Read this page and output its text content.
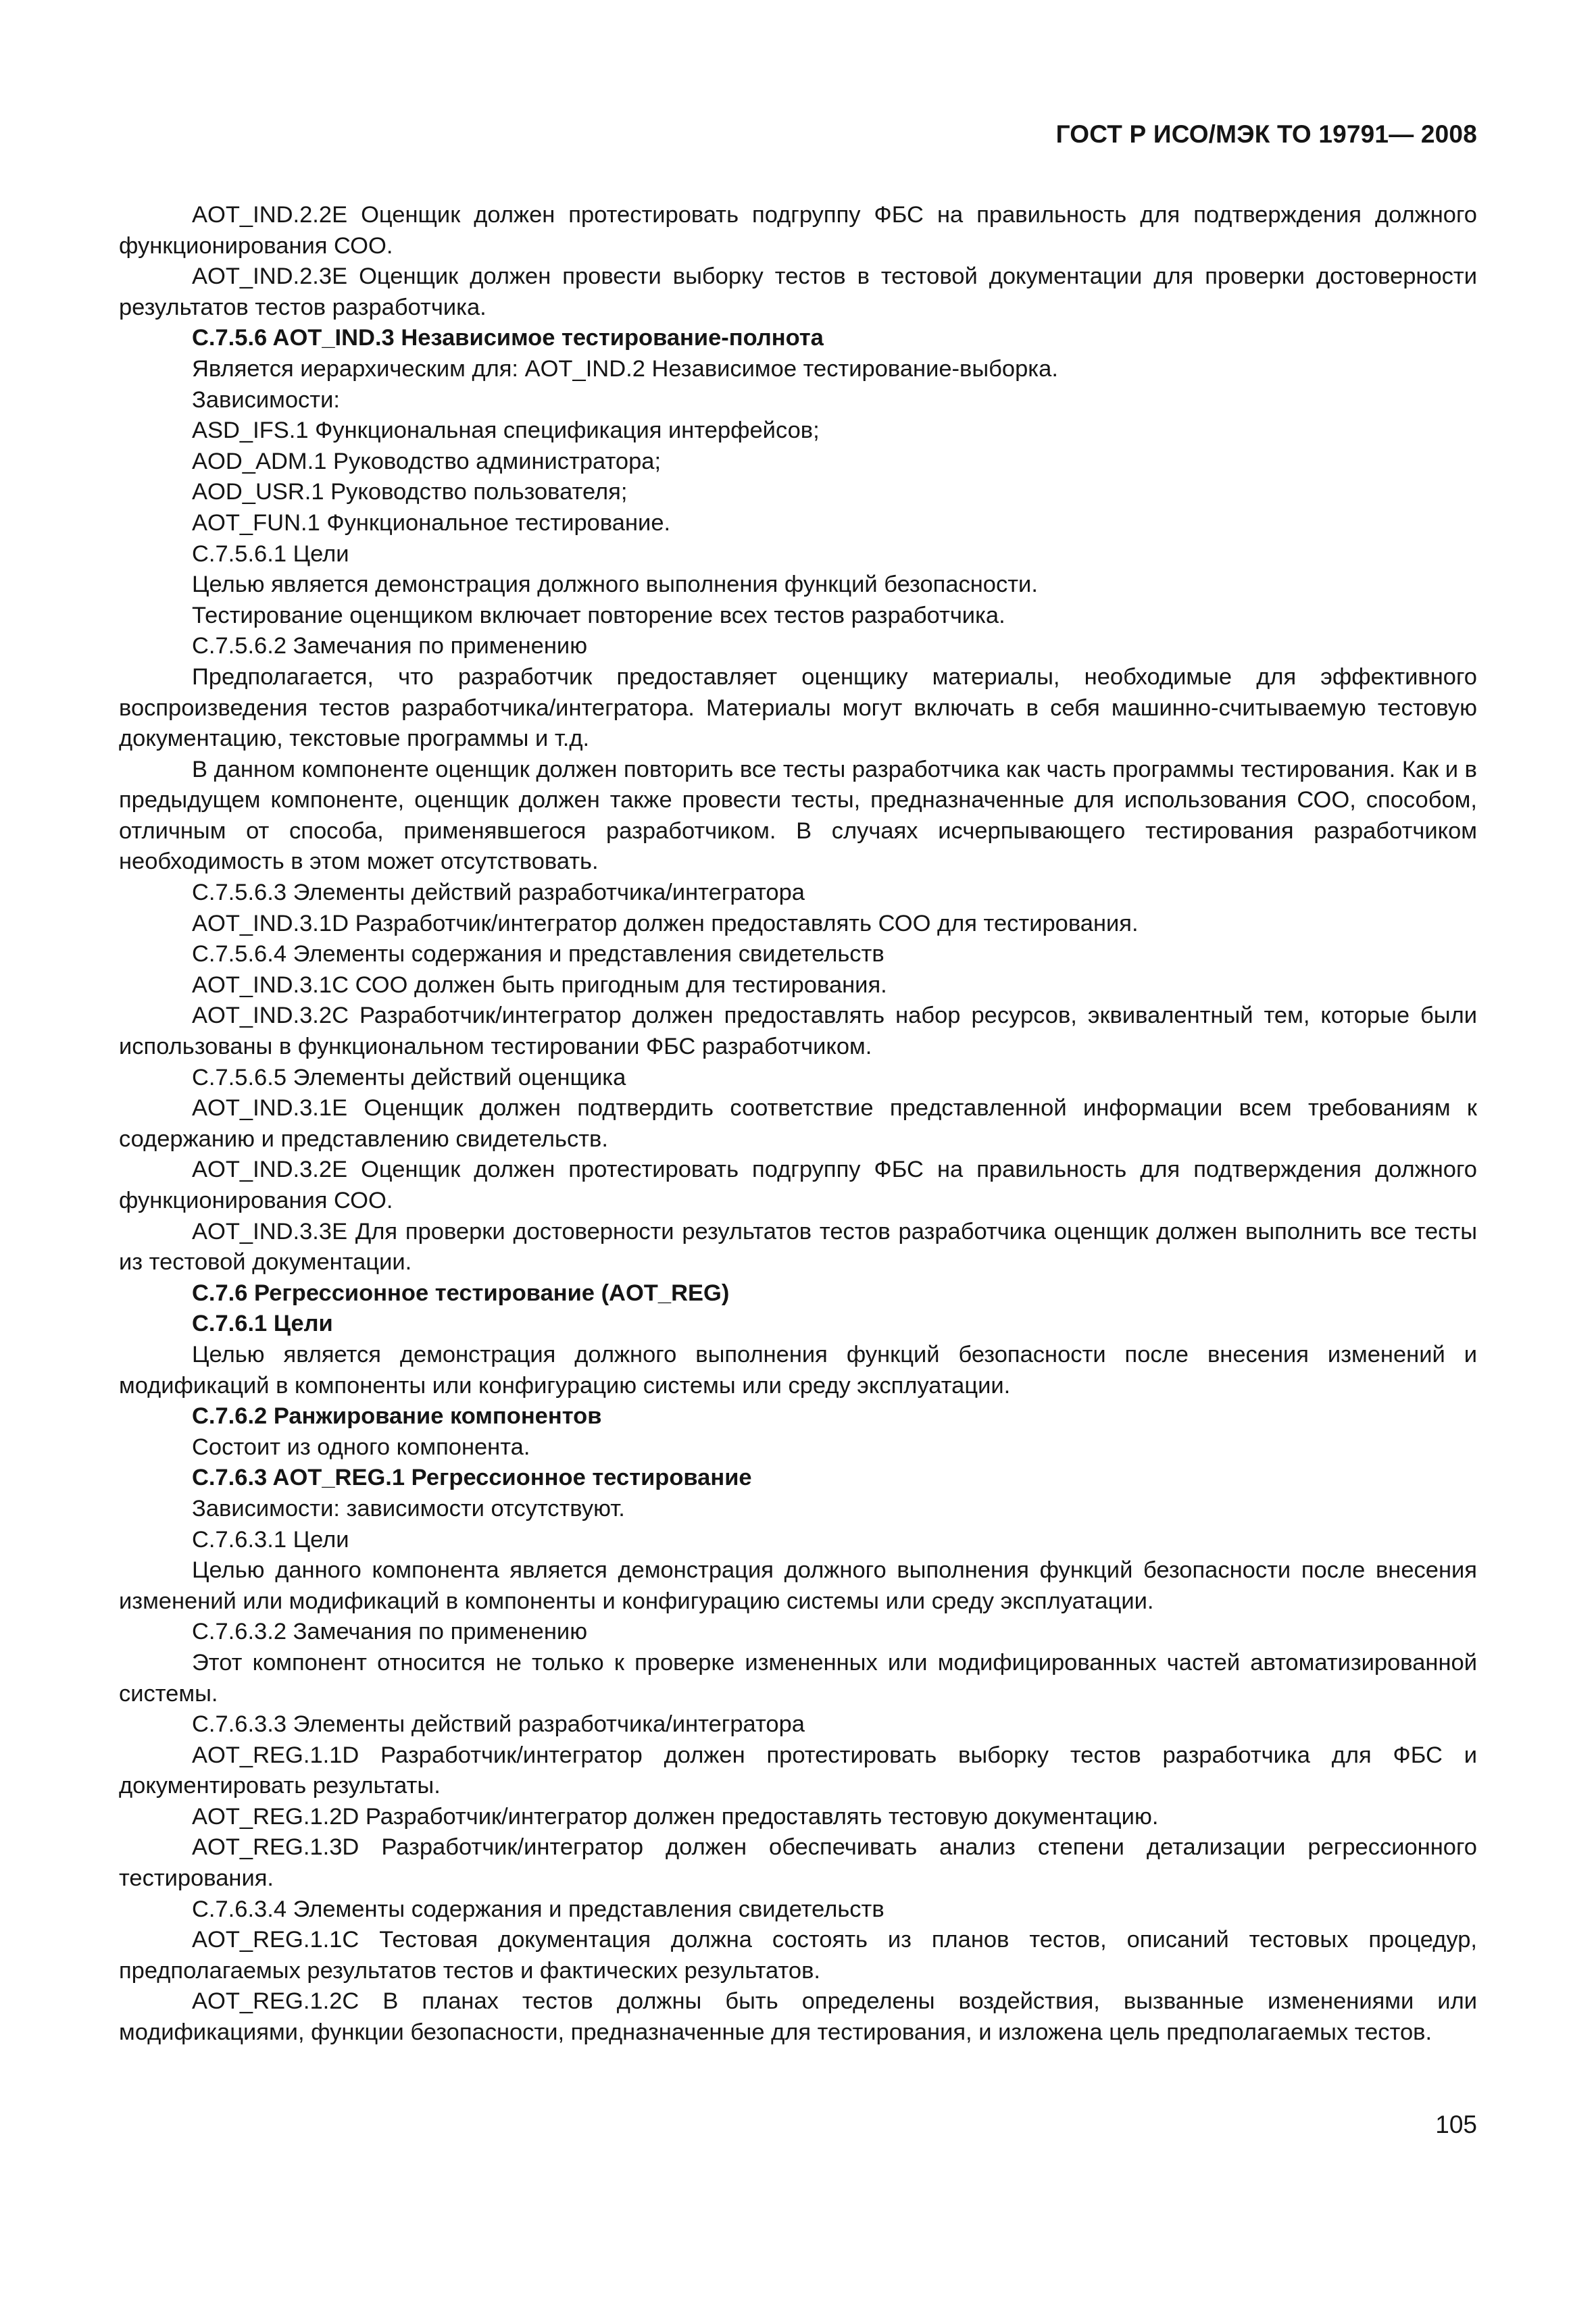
ГОСТ Р ИСО/МЭК ТО 19791— 2008

AOT_IND.2.2E Оценщик должен протестировать подгруппу ФБС на правильность для подтверждения должного функционирования СОО.

AOT_IND.2.3E Оценщик должен провести выборку тестов в тестовой документации для проверки достоверности результатов тестов разработчика.

C.7.5.6 AOT_IND.3 Независимое тестирование-полнота

Является иерархическим для: AOT_IND.2 Независимое тестирование-выборка.

Зависимости:

ASD_IFS.1 Функциональная спецификация интерфейсов;

AOD_ADM.1 Руководство администратора;

AOD_USR.1 Руководство пользователя;

AOT_FUN.1 Функциональное тестирование.

C.7.5.6.1 Цели

Целью является демонстрация должного выполнения функций безопасности.

Тестирование оценщиком включает повторение всех тестов разработчика.

C.7.5.6.2 Замечания по применению

Предполагается, что разработчик предоставляет оценщику материалы, необходимые для эффективного воспроизведения тестов разработчика/интегратора. Материалы могут включать в себя машинно-считываемую тестовую документацию, текстовые программы и т.д.

В данном компоненте оценщик должен повторить все тесты разработчика как часть программы тестирования. Как и в предыдущем компоненте, оценщик должен также провести тесты, предназначенные для использования СОО, способом, отличным от способа, применявшегося разработчиком. В случаях исчерпывающего тестирования разработчиком необходимость в этом может отсутствовать.

C.7.5.6.3 Элементы действий разработчика/интегратора

AOT_IND.3.1D Разработчик/интегратор должен предоставлять СОО для тестирования.

C.7.5.6.4 Элементы содержания и представления свидетельств

AOT_IND.3.1C СОО должен быть пригодным для тестирования.

AOT_IND.3.2C Разработчик/интегратор должен предоставлять набор ресурсов, эквивалентный тем, которые были использованы в функциональном тестировании ФБС разработчиком.

C.7.5.6.5 Элементы действий оценщика

AOT_IND.3.1E Оценщик должен подтвердить соответствие представленной информации всем требованиям к содержанию и представлению свидетельств.

AOT_IND.3.2E Оценщик должен протестировать подгруппу ФБС на правильность для подтверждения должного функционирования СОО.

AOT_IND.3.3E Для проверки достоверности результатов тестов разработчика оценщик должен выполнить все тесты из тестовой документации.

C.7.6 Регрессионное тестирование (AOT_REG)

C.7.6.1 Цели

Целью является демонстрация должного выполнения функций безопасности после внесения изменений и модификаций в компоненты или конфигурацию системы или среду эксплуатации.

C.7.6.2 Ранжирование компонентов

Состоит из одного компонента.

C.7.6.3 AOT_REG.1 Регрессионное тестирование

Зависимости: зависимости отсутствуют.

C.7.6.3.1 Цели

Целью данного компонента является демонстрация должного выполнения функций безопасности после внесения изменений или модификаций в компоненты и конфигурацию системы или среду эксплуатации.

C.7.6.3.2 Замечания по применению

Этот компонент относится не только к проверке измененных или модифицированных частей автоматизированной системы.

C.7.6.3.3 Элементы действий разработчика/интегратора

AOT_REG.1.1D Разработчик/интегратор должен протестировать выборку тестов разработчика для ФБС и документировать результаты.

AOT_REG.1.2D Разработчик/интегратор должен предоставлять тестовую документацию.

AOT_REG.1.3D Разработчик/интегратор должен обеспечивать анализ степени детализации регрессионного тестирования.

C.7.6.3.4 Элементы содержания и представления свидетельств

AOT_REG.1.1C Тестовая документация должна состоять из планов тестов, описаний тестовых процедур, предполагаемых результатов тестов и фактических результатов.

AOT_REG.1.2C В планах тестов должны быть определены воздействия, вызванные изменениями или модификациями, функции безопасности, предназначенные для тестирования, и изложена цель предполагаемых тестов.

105
